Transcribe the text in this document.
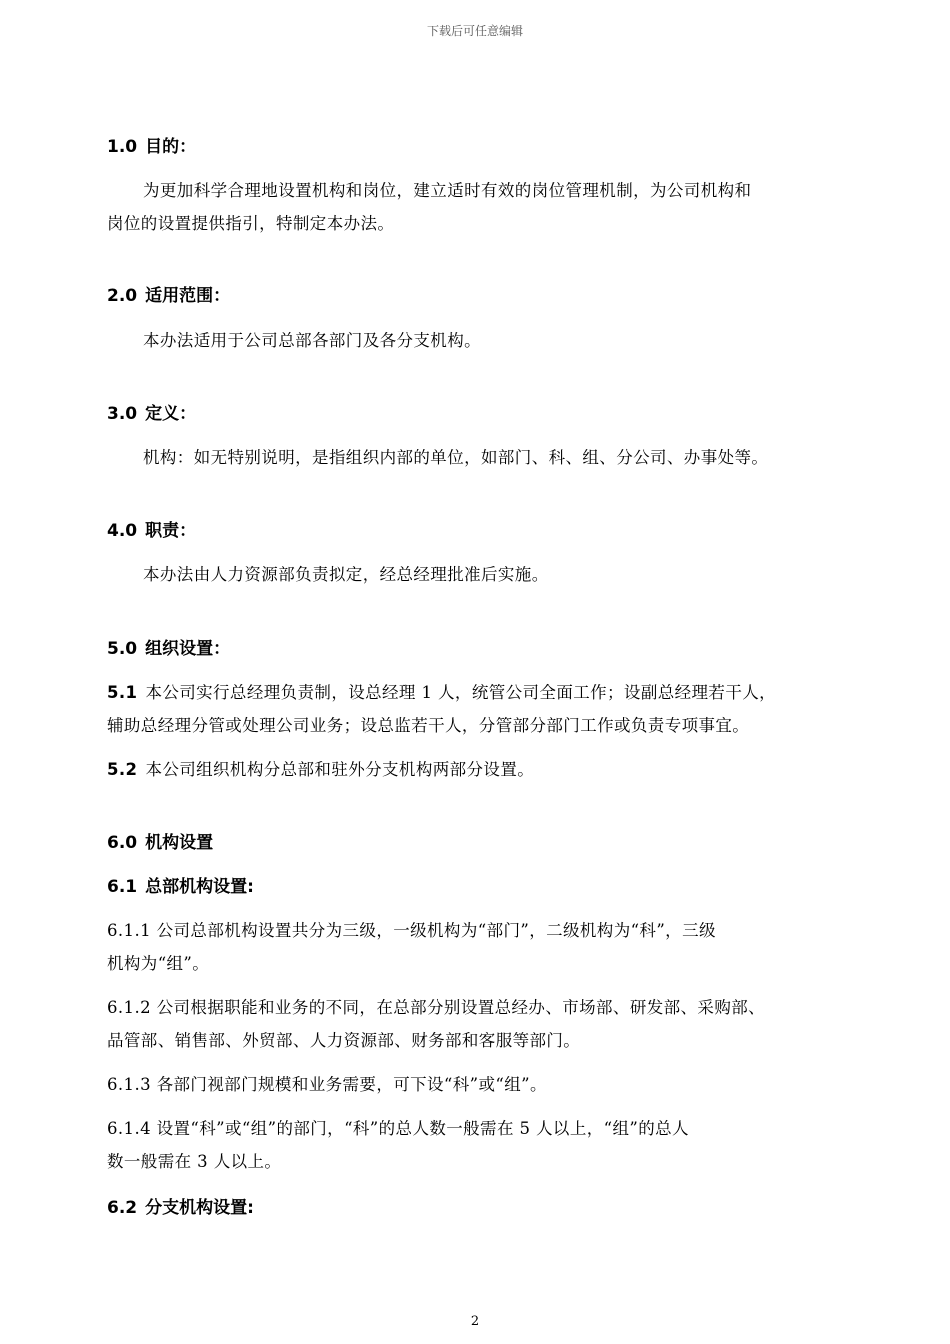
下载后可任意编辑
1.0 目的：
为更加科学合理地设置机构和岗位，建立适时有效的岗位管理机制，为公司机构和
岗位的设置提供指引，特制定本办法。
2.0 适用范围：
本办法适用于公司总部各部门及各分支机构。
3.0 定义：
机构：如无特别说明，是指组织内部的单位，如部门、科、组、分公司、办事处等。
4.0 职责：
本办法由人力资源部负责拟定，经总经理批准后实施。
5.0 组织设置：
5.1 本公司实行总经理负责制，设总经理 1 人，统管公司全面工作；设副总经理若干人，
辅助总经理分管或处理公司业务；设总监若干人，分管部分部门工作或负责专项事宜。
5.2 本公司组织机构分总部和驻外分支机构两部分设置。
6.0 机构设置
6.1 总部机构设置:
6.1.1 公司总部机构设置共分为三级，一级机构为“部门”，二级机构为“科”，三级
机构为“组”。
6.1.2 公司根据职能和业务的不同，在总部分别设置总经办、市场部、研发部、采购部、
品管部、销售部、外贸部、人力资源部、财务部和客服等部门。
6.1.3 各部门视部门规模和业务需要，可下设“科”或“组”。
6.1.4 设置“科”或“组”的部门，“科”的总人数一般需在 5 人以上，“组”的总人
数一般需在 3 人以上。
6.2 分支机构设置:
2
